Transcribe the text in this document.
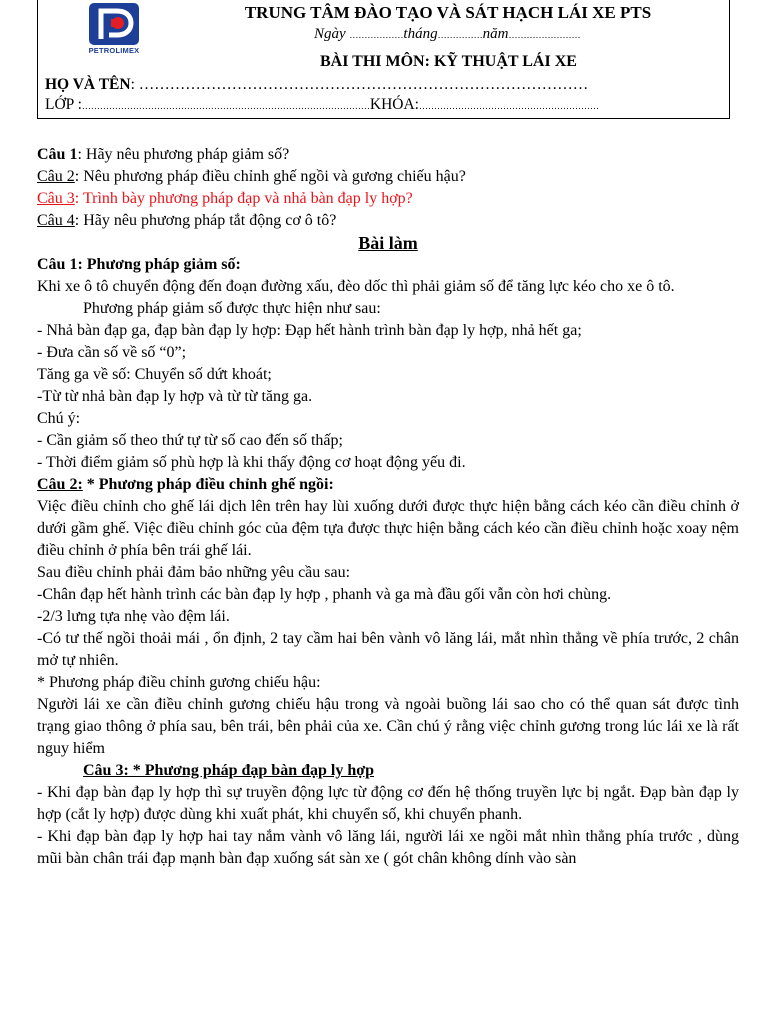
PETROLIMEX
TRUNG TÂM ĐÀO TẠO VÀ SÁT HẠCH LÁI XE PTS
Ngày ………………tháng……………năm……………………
BÀI THI MÔN: KỸ THUẬT LÁI XE
HỌ VÀ TÊN: ……………………………………………………………………………
LỚP :……………………………………………………………………………………KHÓA:……………………………………………………

Câu 1: Hãy nêu phương pháp giảm số?

Câu 2: Nêu phương pháp điều chỉnh ghế ngồi và gương chiếu hậu?

Câu 3: Trình bày phương pháp đạp và nhả bàn đạp ly hợp?

Câu 4: Hãy nêu phương pháp tắt động cơ ô tô?

Bài làm

Câu 1: Phương pháp giảm số:

Khi xe ô tô chuyển động đến đoạn đường xấu, đèo dốc thì phải giảm số để tăng lực kéo cho xe ô tô.

Phương pháp giảm số được thực hiện như sau:

- Nhả bàn đạp ga, đạp bàn đạp ly hợp: Đạp hết hành trình bàn đạp ly hợp, nhả hết ga;

- Đưa cần số về số “0”;

Tăng ga về số: Chuyển số dứt khoát;

-Từ từ nhả bàn đạp ly hợp và từ từ tăng ga.

Chú ý:

- Cần giảm số theo thứ tự từ số cao đến số thấp;

- Thời điểm giảm số phù hợp là khi thấy động cơ hoạt động yếu đi.

Câu 2: * Phương pháp điều chỉnh ghế ngồi:

Việc điều chỉnh cho ghế lái dịch lên trên hay lùi xuống dưới được thực hiện bằng cách kéo cần điều chỉnh ở dưới gầm ghế. Việc điều chỉnh góc của đệm tựa được thực hiện bằng cách kéo cần điều chỉnh hoặc xoay nệm điều chỉnh ở phía bên trái ghế lái.

Sau điều chỉnh phải đảm bảo những yêu cầu sau:

-Chân đạp hết hành trình các bàn đạp ly hợp , phanh và ga mà đầu gối vẫn còn hơi chùng.

-2/3 lưng tựa nhẹ vào đệm lái.

-Có tư thế ngồi thoải mái , ổn định, 2 tay cầm hai bên vành vô lăng lái, mắt nhìn thẳng về phía trước, 2 chân mở tự nhiên.

* Phương pháp điều chỉnh gương chiếu hậu:

Người lái xe cần điều chỉnh gương chiếu hậu trong và ngoài buồng lái sao cho có thể quan sát được tình trạng giao thông ở phía sau, bên trái, bên phải của xe. Cần chú ý rằng việc chỉnh gương trong lúc lái xe là rất nguy hiểm

Câu 3: * Phương pháp đạp bàn đạp ly hợp

- Khi đạp bàn đạp ly hợp thì sự truyền động lực từ động cơ đến hệ thống truyền lực bị ngắt. Đạp bàn đạp ly hợp (cắt ly hợp) được dùng khi xuất phát, khi chuyển số, khi chuyển phanh.

- Khi đạp bàn đạp ly hợp hai tay nắm vành vô lăng lái, người lái xe ngồi mắt nhìn thẳng phía trước , dùng mũi bàn chân trái đạp mạnh bàn đạp xuống sát sàn xe ( gót chân không dính vào sàn
